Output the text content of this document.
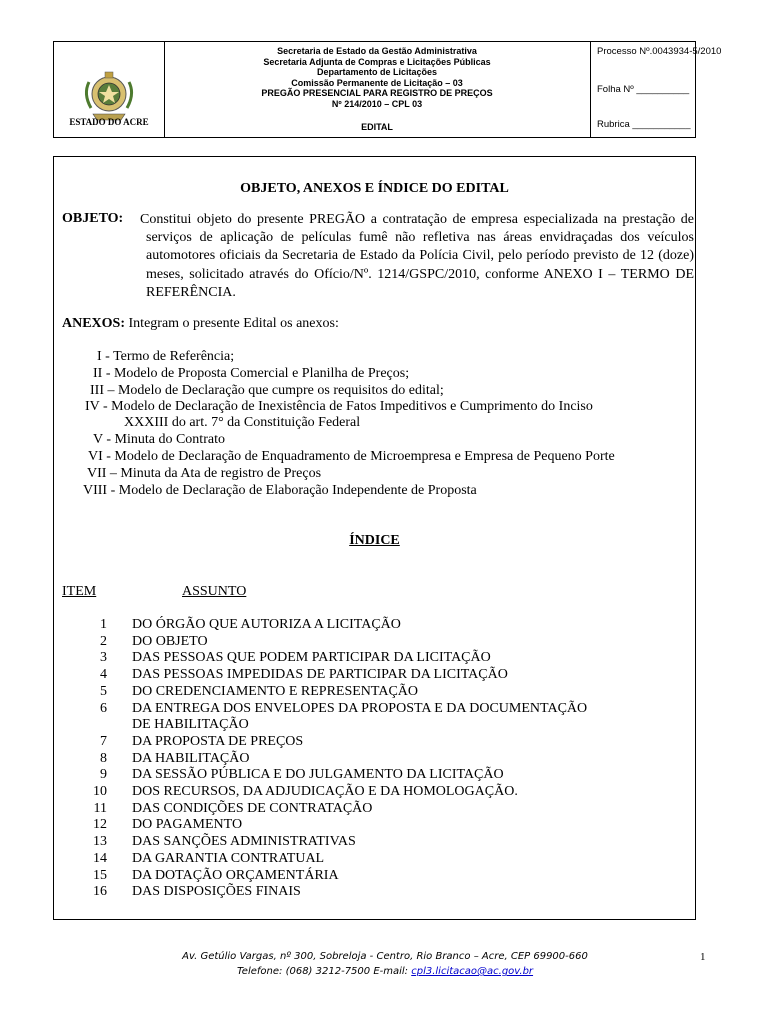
ESTADO DO ACRE
Secretaria de Estado da Gestão Administrativa
Secretaria Adjunta de Compras e Licitações Públicas
Departamento de Licitações
Comissão Permanente de Licitação – 03
PREGÃO PRESENCIAL PARA REGISTRO DE PREÇOS
Nº 214/2010 – CPL 03
EDITAL
Processo Nº.0043934-5/2010
Folha Nº __________
Rubrica ___________
OBJETO, ANEXOS E ÍNDICE DO EDITAL
OBJETO: Constitui objeto do presente PREGÃO a contratação de empresa especializada na prestação de serviços de aplicação de películas fumê não refletiva nas áreas envidraçadas dos veículos automotores oficiais da Secretaria de Estado da Polícia Civil, pelo período previsto de 12 (doze) meses, solicitado através do Ofício/Nº. 1214/GSPC/2010, conforme ANEXO I – TERMO DE REFERÊNCIA.
ANEXOS: Integram o presente Edital os anexos:
I - Termo de Referência;
II - Modelo de Proposta Comercial e Planilha de Preços;
III – Modelo de Declaração que cumpre os requisitos do edital;
IV - Modelo de Declaração de Inexistência de Fatos Impeditivos e Cumprimento do Inciso
XXXIII do art. 7° da Constituição Federal
V - Minuta do Contrato
VI - Modelo de Declaração de Enquadramento de Microempresa e Empresa de Pequeno Porte
VII – Minuta da Ata de registro de Preços
VIII - Modelo de Declaração de Elaboração Independente de Proposta
ÍNDICE
ITEM	ASSUNTO
1 DO ÓRGÃO QUE AUTORIZA A LICITAÇÃO
2 DO OBJETO
3 DAS PESSOAS QUE PODEM PARTICIPAR DA LICITAÇÃO
4 DAS PESSOAS IMPEDIDAS DE PARTICIPAR DA LICITAÇÃO
5 DO CREDENCIAMENTO E REPRESENTAÇÃO
6 DA ENTREGA DOS ENVELOPES DA PROPOSTA E DA DOCUMENTAÇÃO
DE HABILITAÇÃO
7 DA PROPOSTA DE PREÇOS
8 DA HABILITAÇÃO
9 DA SESSÃO PÚBLICA E DO JULGAMENTO DA LICITAÇÃO
10 DOS RECURSOS, DA ADJUDICAÇÃO E DA HOMOLOGAÇÃO.
11 DAS CONDIÇÕES DE CONTRATAÇÃO
12 DO PAGAMENTO
13 DAS SANÇÕES ADMINISTRATIVAS
14 DA GARANTIA CONTRATUAL
15 DA DOTAÇÃO ORÇAMENTÁRIA
16 DAS DISPOSIÇÕES FINAIS
Av. Getúlio Vargas, nº 300, Sobreloja - Centro, Rio Branco – Acre, CEP 69900-660
Telefone: (068) 3212-7500 E-mail: cpl3.licitacao@ac.gov.br
1
